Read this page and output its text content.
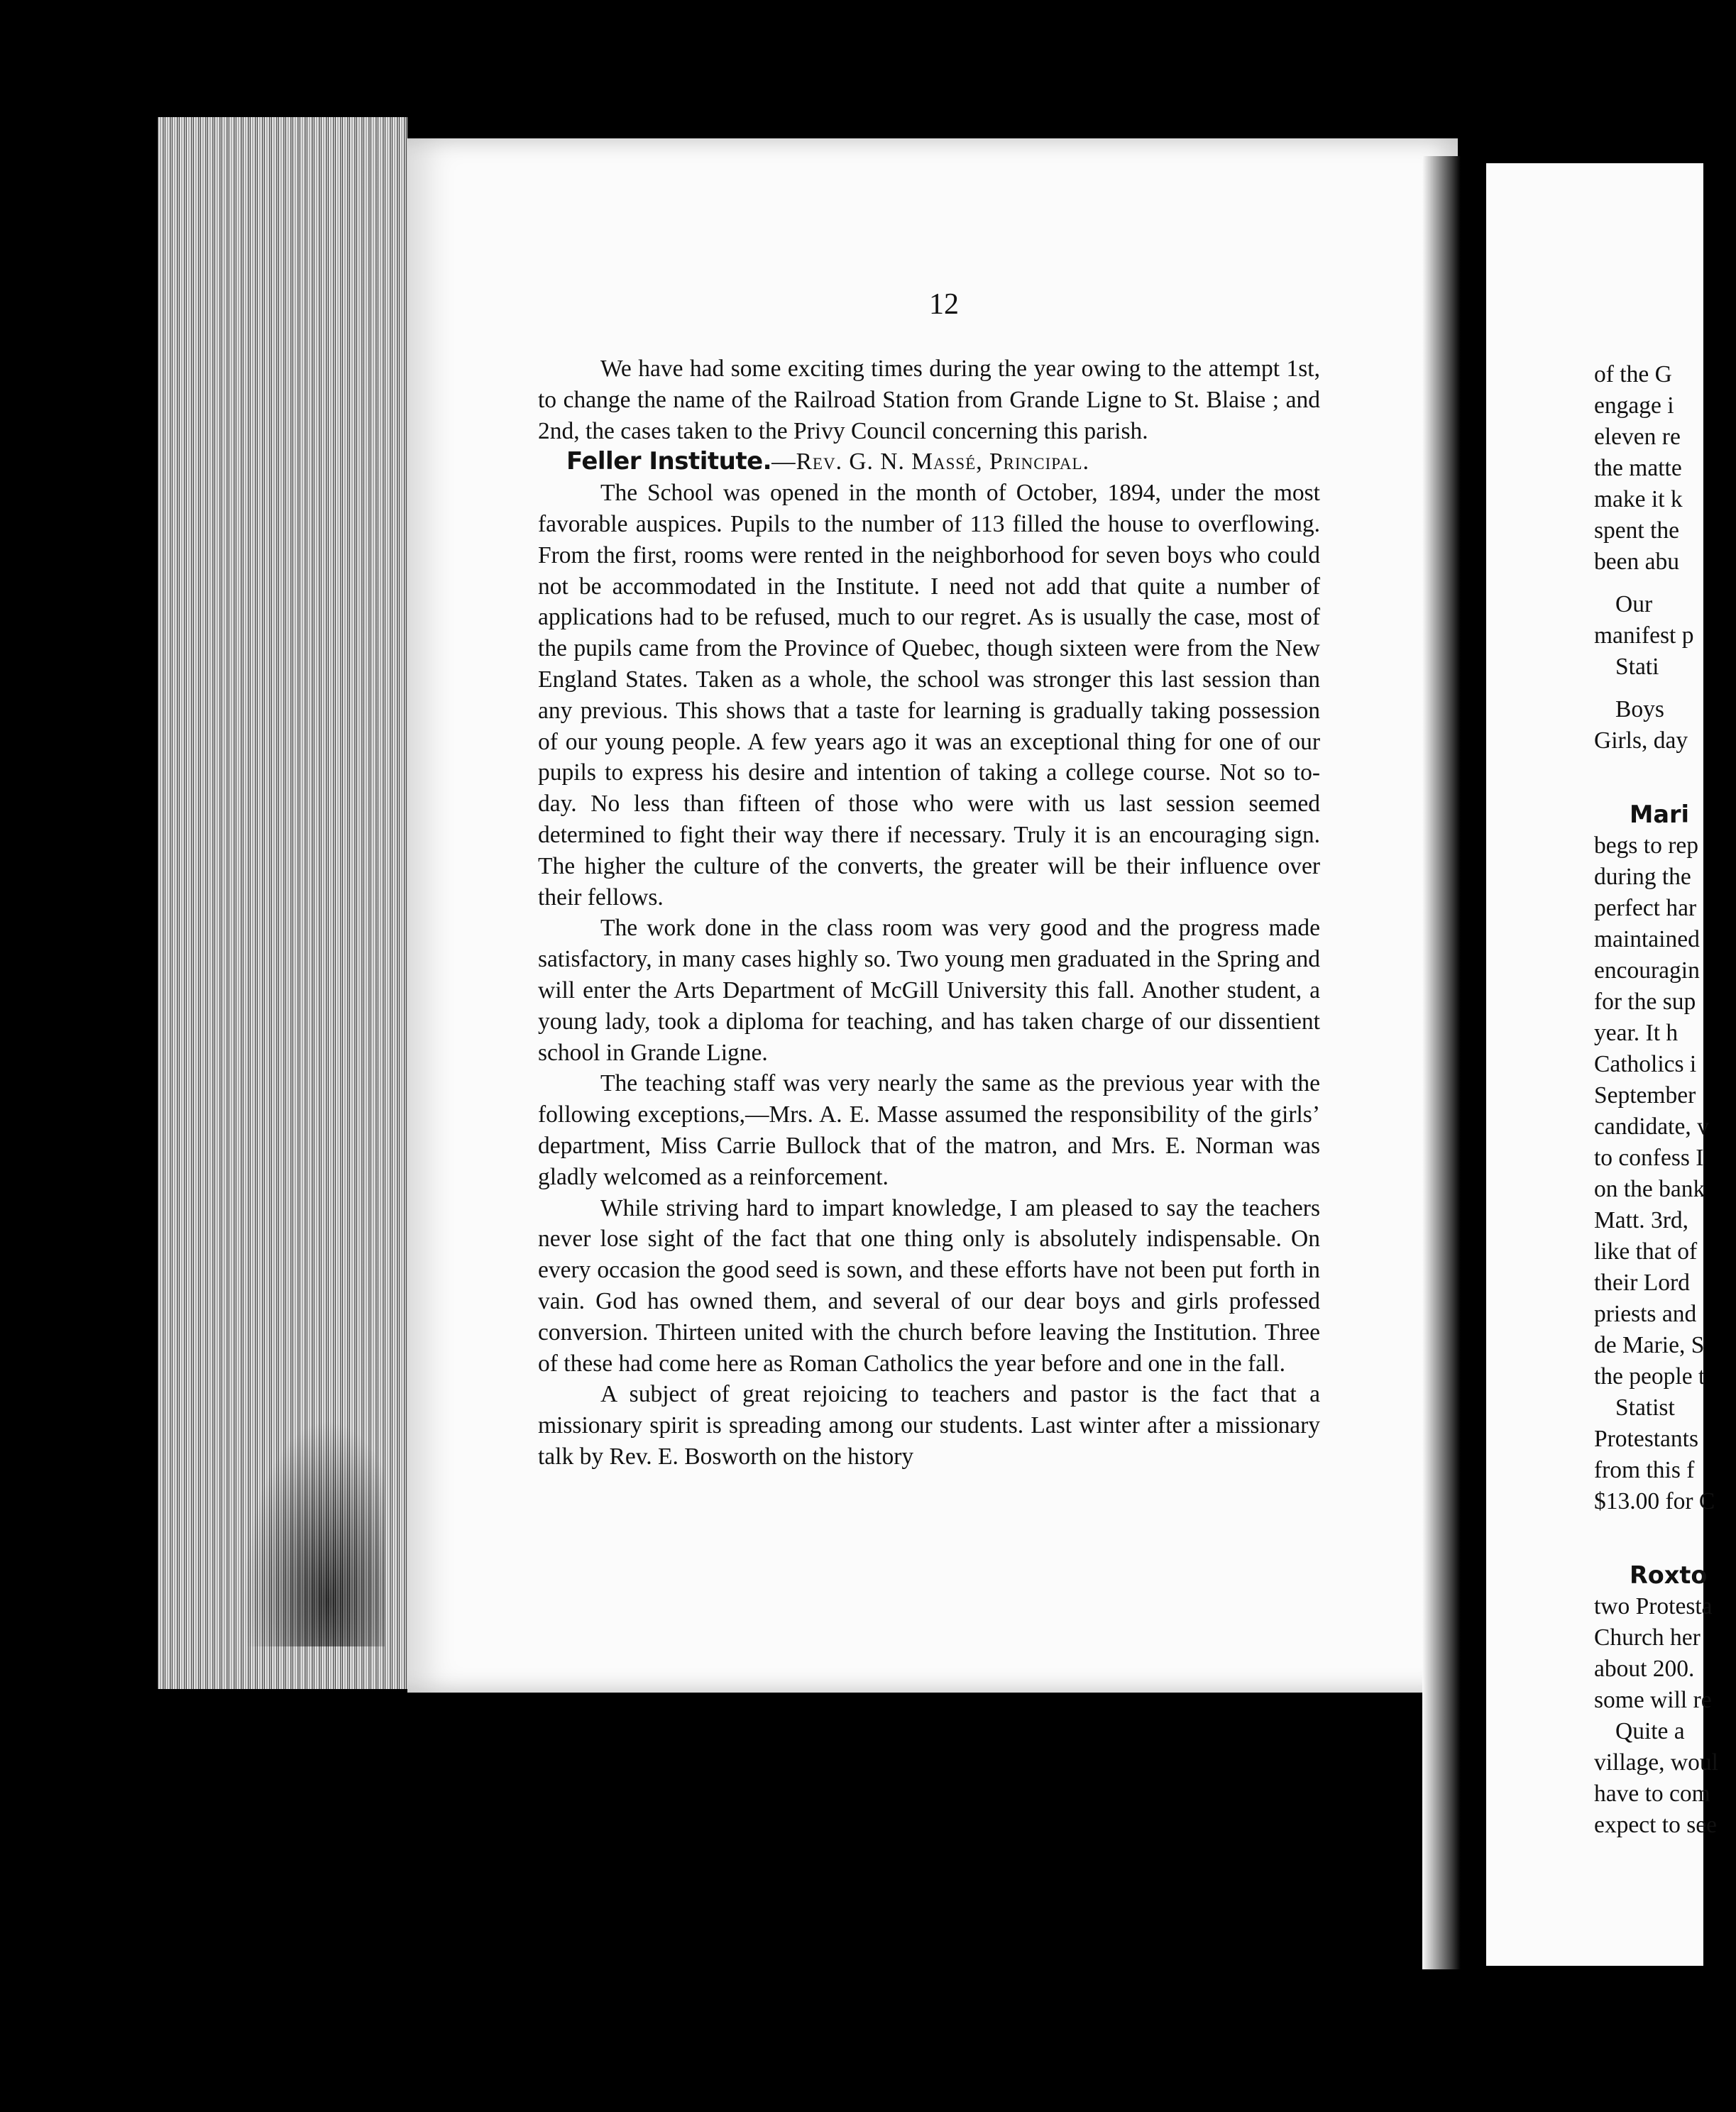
12

We have had some exciting times during the year owing to the attempt 1st, to change the name of the Railroad Station from Grande Ligne to St. Blaise ; and 2nd, the cases taken to the Privy Council concerning this parish.

Feller Institute.—Rev. G. N. Massé, Principal.

The School was opened in the month of October, 1894, under the most favorable auspices. Pupils to the number of 113 filled the house to overflowing. From the first, rooms were rented in the neighborhood for seven boys who could not be accommodated in the Institute. I need not add that quite a number of applications had to be refused, much to our regret. As is usually the case, most of the pupils came from the Province of Quebec, though sixteen were from the New England States. Taken as a whole, the school was stronger this last session than any previous. This shows that a taste for learning is gradually taking possession of our young people. A few years ago it was an exceptional thing for one of our pupils to express his desire and intention of taking a college course. Not so to-day. No less than fifteen of those who were with us last session seemed determined to fight their way there if necessary. Truly it is an encouraging sign. The higher the culture of the converts, the greater will be their influence over their fellows.

The work done in the class room was very good and the progress made satisfactory, in many cases highly so. Two young men graduated in the Spring and will enter the Arts Department of McGill University this fall. Another student, a young lady, took a diploma for teaching, and has taken charge of our dissentient school in Grande Ligne.

The teaching staff was very nearly the same as the previous year with the following exceptions,—Mrs. A. E. Masse assumed the responsibility of the girls’ department, Miss Carrie Bullock that of the matron, and Mrs. E. Norman was gladly welcomed as a reinforcement.

While striving hard to impart knowledge, I am pleased to say the teachers never lose sight of the fact that one thing only is absolutely indispensable. On every occasion the good seed is sown, and these efforts have not been put forth in vain. God has owned them, and several of our dear boys and girls professed conversion. Thirteen united with the church before leaving the Institution. Three of these had come here as Roman Catholics the year before and one in the fall.

A subject of great rejoicing to teachers and pastor is the fact that a missionary spirit is spreading among our students. Last winter after a missionary talk by Rev. E. Bosworth on the history

of the G
engage i
eleven re
the matte
make it k
spent the
been abu
Our
manifest p
Stati
Boys
Girls, day
Mari
begs to rep
during the
perfect har
maintained
encouragin
for the sup
year. It h
Catholics i
September
candidate, v
to confess I
on the bank
Matt. 3rd,
like that of
their Lord
priests and
de Marie, S
the people t
Statist
Protestants
from this f
$13.00 for C
Roxto
two Protesta
Church her
about 200.
some will re
Quite a
village, woul
have to com
expect to see
